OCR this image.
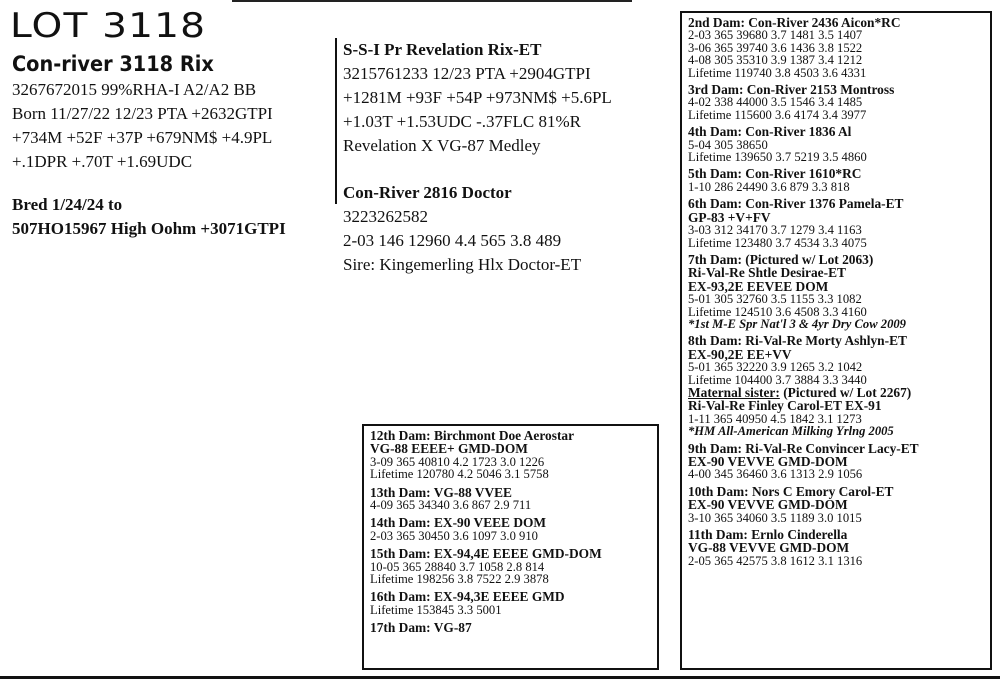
LOT 3118
Con-river 3118 Rix
3267672015 99%RHA-I A2/A2 BB
Born 11/27/22 12/23 PTA +2632GTPI
+734M +52F +37P +679NM$ +4.9PL
+.1DPR +.70T +1.69UDC
Bred 1/24/24 to
507HO15967 High Oohm +3071GTPI
S-S-I Pr Revelation Rix-ET
3215761233 12/23 PTA +2904GTPI
+1281M +93F +54P +973NM$ +5.6PL
+1.03T +1.53UDC -.37FLC 81%R
Revelation X VG-87 Medley
Con-River 2816 Doctor
3223262582
2-03 146 12960 4.4 565 3.8 489
Sire: Kingemerling Hlx Doctor-ET
2nd Dam: Con-River 2436 Aicon*RC
2-03 365 39680 3.7 1481 3.5 1407
3-06 365 39740 3.6 1436 3.8 1522
4-08 305 35310 3.9 1387 3.4 1212
Lifetime 119740 3.8 4503 3.6 4331
3rd Dam: Con-River 2153 Montross
4-02 338 44000 3.5 1546 3.4 1485
Lifetime 115600 3.6 4174 3.4 3977
4th Dam: Con-River 1836 Al
5-04 305 38650
Lifetime 139650 3.7 5219 3.5 4860
5th Dam: Con-River 1610*RC
1-10 286 24490 3.6 879 3.3 818
6th Dam: Con-River 1376 Pamela-ET
GP-83 +V+FV
3-03 312 34170 3.7 1279 3.4 1163
Lifetime 123480 3.7 4534 3.3 4075
7th Dam: (Pictured w/ Lot 2063)
Ri-Val-Re Shtle Desirae-ET
EX-93,2E EEVEE DOM
5-01 305 32760 3.5 1155 3.3 1082
Lifetime 124510 3.6 4508 3.3 4160
*1st M-E Spr Nat'l 3 & 4yr Dry Cow 2009
8th Dam: Ri-Val-Re Morty Ashlyn-ET
EX-90,2E EE+VV
5-01 365 32220 3.9 1265 3.2 1042
Lifetime 104400 3.7 3884 3.3 3440
Maternal sister: (Pictured w/ Lot 2267)
Ri-Val-Re Finley Carol-ET EX-91
1-11 365 40950 4.5 1842 3.1 1273
*HM All-American Milking Yrlng 2005
9th Dam: Ri-Val-Re Convincer Lacy-ET
EX-90 VEVVE GMD-DOM
4-00 345 36460 3.6 1313 2.9 1056
10th Dam: Nors C Emory Carol-ET
EX-90 VEVVE GMD-DOM
3-10 365 34060 3.5 1189 3.0 1015
11th Dam: Ernlo Cinderella
VG-88 VEVVE GMD-DOM
2-05 365 42575 3.8 1612 3.1 1316
12th Dam: Birchmont Doe Aerostar
VG-88 EEEE+ GMD-DOM
3-09 365 40810 4.2 1723 3.0 1226
Lifetime 120780 4.2 5046 3.1 5758
13th Dam: VG-88 VVEE
4-09 365 34340 3.6 867 2.9 711
14th Dam: EX-90 VEEE DOM
2-03 365 30450 3.6 1097 3.0 910
15th Dam: EX-94,4E EEEE GMD-DOM
10-05 365 28840 3.7 1058 2.8 814
Lifetime 198256 3.8 7522 2.9 3878
16th Dam: EX-94,3E EEEE GMD
Lifetime 153845 3.3 5001
17th Dam: VG-87
